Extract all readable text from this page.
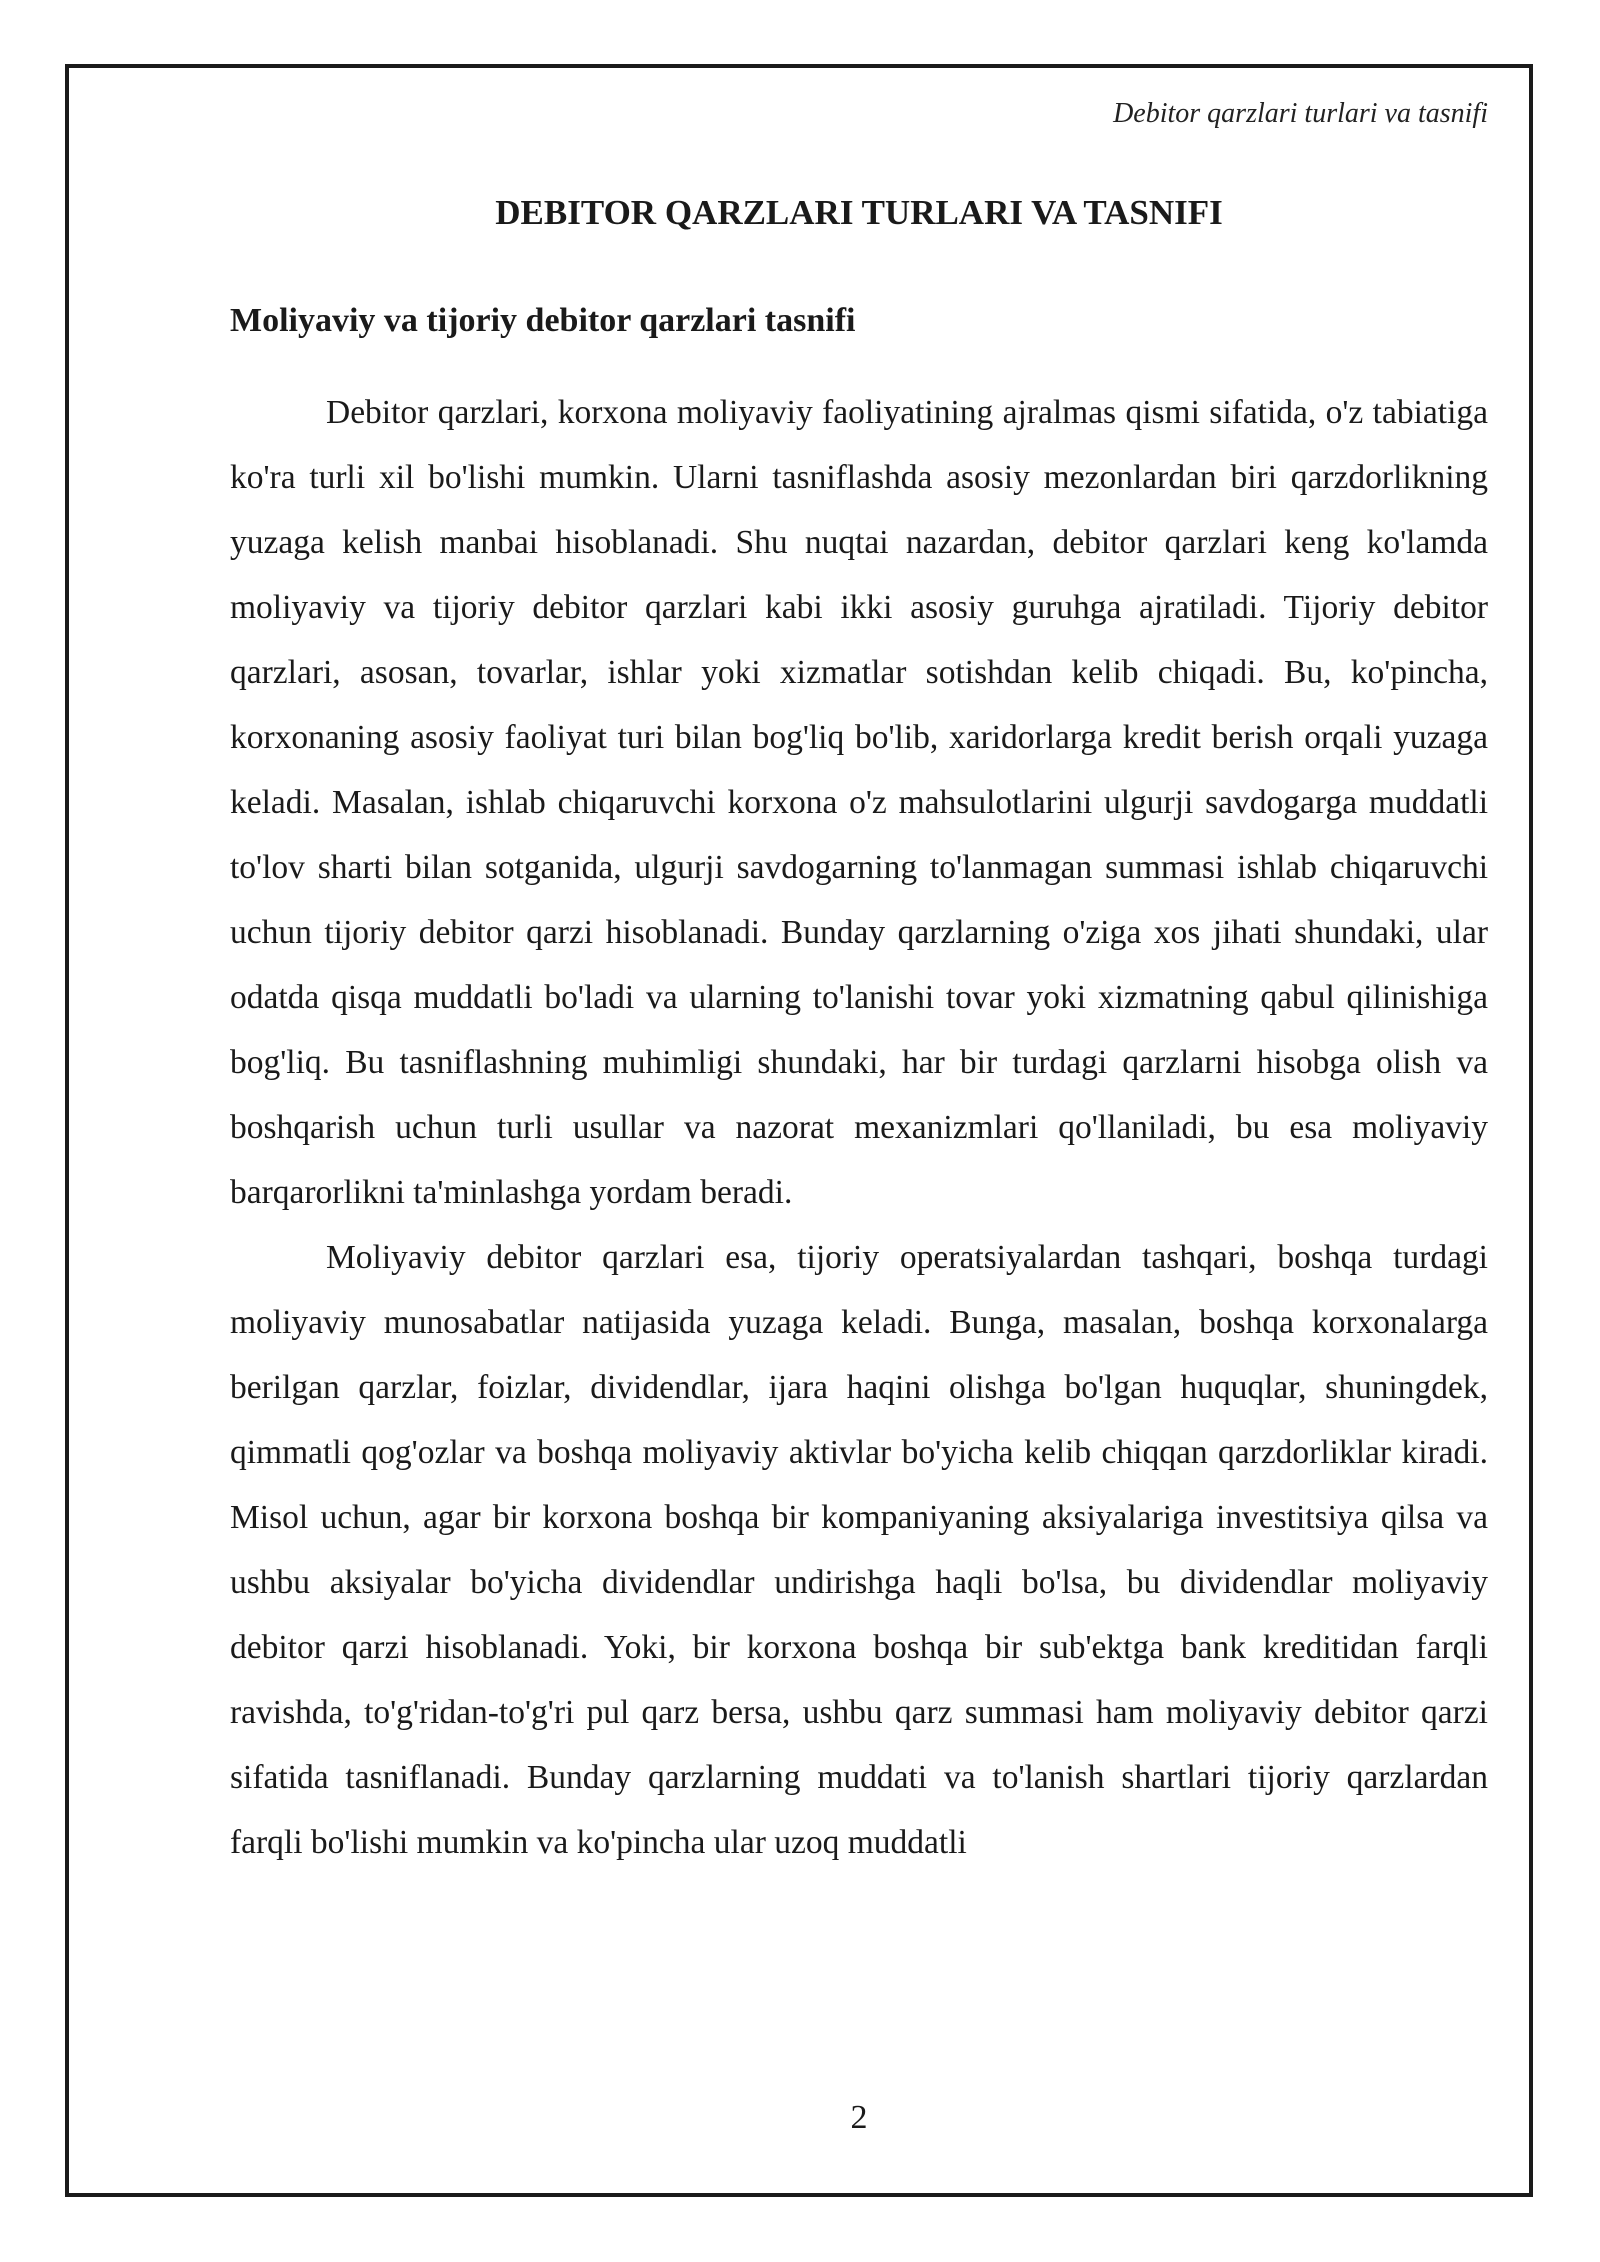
Debitor qarzlari turlari va tasnifi
DEBITOR QARZLARI TURLARI VA TASNIFI
Moliyaviy va tijoriy debitor qarzlari tasnifi

Debitor qarzlari, korxona moliyaviy faoliyatining ajralmas qismi sifatida, o'z tabiatiga ko'ra turli xil bo'lishi mumkin. Ularni tasniflashda asosiy mezonlardan biri qarzdorlikning yuzaga kelish manbai hisoblanadi. Shu nuqtai nazardan, debitor qarzlari keng ko'lamda moliyaviy va tijoriy debitor qarzlari kabi ikki asosiy guruhga ajratiladi. Tijoriy debitor qarzlari, asosan, tovarlar, ishlar yoki xizmatlar sotishdan kelib chiqadi. Bu, ko'pincha, korxonaning asosiy faoliyat turi bilan bog'liq bo'lib, xaridorlarga kredit berish orqali yuzaga keladi. Masalan, ishlab chiqaruvchi korxona o'z mahsulotlarini ulgurji savdogarga muddatli to'lov sharti bilan sotganida, ulgurji savdogarning to'lanmagan summasi ishlab chiqaruvchi uchun tijoriy debitor qarzi hisoblanadi. Bunday qarzlarning o'ziga xos jihati shundaki, ular odatda qisqa muddatli bo'ladi va ularning to'lanishi tovar yoki xizmatning qabul qilinishiga bog'liq. Bu tasniflashning muhimligi shundaki, har bir turdagi qarzlarni hisobga olish va boshqarish uchun turli usullar va nazorat mexanizmlari qo'llaniladi, bu esa moliyaviy barqarorlikni ta'minlashga yordam beradi.

Moliyaviy debitor qarzlari esa, tijoriy operatsiyalardan tashqari, boshqa turdagi moliyaviy munosabatlar natijasida yuzaga keladi. Bunga, masalan, boshqa korxonalarga berilgan qarzlar, foizlar, dividendlar, ijara haqini olishga bo'lgan huquqlar, shuningdek, qimmatli qog'ozlar va boshqa moliyaviy aktivlar bo'yicha kelib chiqqan qarzdorliklar kiradi. Misol uchun, agar bir korxona boshqa bir kompaniyaning aksiyalariga investitsiya qilsa va ushbu aksiyalar bo'yicha dividendlar undirishga haqli bo'lsa, bu dividendlar moliyaviy debitor qarzi hisoblanadi. Yoki, bir korxona boshqa bir sub'ektga bank kreditidan farqli ravishda, to'g'ridan-to'g'ri pul qarz bersa, ushbu qarz summasi ham moliyaviy debitor qarzi sifatida tasniflanadi. Bunday qarzlarning muddati va to'lanish shartlari tijoriy qarzlardan farqli bo'lishi mumkin va ko'pincha ular uzoq muddatli

2
